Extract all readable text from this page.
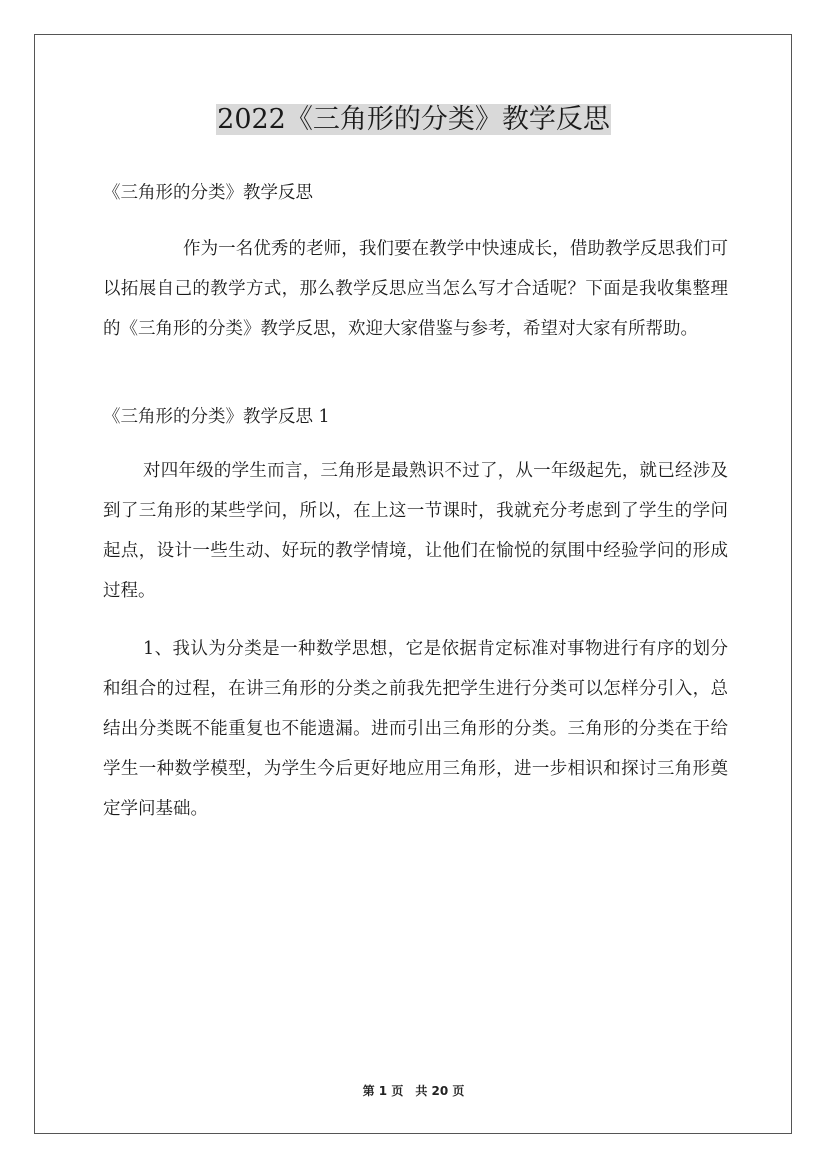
2022《三角形的分类》教学反思

《三角形的分类》教学反思

作为一名优秀的老师，我们要在教学中快速成长，借助教学反思我们可以拓展自己的教学方式，那么教学反思应当怎么写才合适呢？下面是我收集整理的《三角形的分类》教学反思，欢迎大家借鉴与参考，希望对大家有所帮助。

《三角形的分类》教学反思 1

对四年级的学生而言，三角形是最熟识不过了，从一年级起先，就已经涉及到了三角形的某些学问，所以，在上这一节课时，我就充分考虑到了学生的学问起点，设计一些生动、好玩的教学情境，让他们在愉悦的氛围中经验学问的形成过程。

1、我认为分类是一种数学思想，它是依据肯定标准对事物进行有序的划分和组合的过程，在讲三角形的分类之前我先把学生进行分类可以怎样分引入，总结出分类既不能重复也不能遗漏。进而引出三角形的分类。三角形的分类在于给学生一种数学模型，为学生今后更好地应用三角形，进一步相识和探讨三角形奠定学问基础。

第 1 页　共 20 页
